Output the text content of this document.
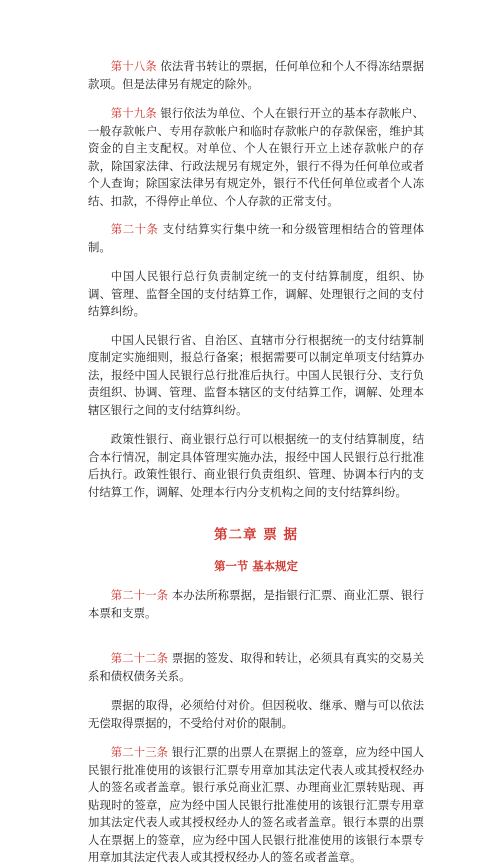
第十八条 依法背书转让的票据，任何单位和个人不得冻结票据款项。但是法律另有规定的除外。

第十九条 银行依法为单位、个人在银行开立的基本存款帐户、一般存款帐户、专用存款帐户和临时存款帐户的存款保密，维护其资金的自主支配权。对单位、个人在银行开立上述存款帐户的存款，除国家法律、行政法规另有规定外，银行不得为任何单位或者个人查询；除国家法律另有规定外，银行不代任何单位或者个人冻结、扣款，不得停止单位、个人存款的正常支付。

第二十条 支付结算实行集中统一和分级管理相结合的管理体制。

中国人民银行总行负责制定统一的支付结算制度，组织、协调、管理、监督全国的支付结算工作，调解、处理银行之间的支付结算纠纷。

中国人民银行省、自治区、直辖市分行根据统一的支付结算制度制定实施细则，报总行备案；根据需要可以制定单项支付结算办法，报经中国人民银行总行批准后执行。中国人民银行分、支行负责组织、协调、管理、监督本辖区的支付结算工作，调解、处理本辖区银行之间的支付结算纠纷。

政策性银行、商业银行总行可以根据统一的支付结算制度，结合本行情况，制定具体管理实施办法，报经中国人民银行总行批准后执行。政策性银行、商业银行负责组织、管理、协调本行内的支付结算工作，调解、处理本行内分支机构之间的支付结算纠纷。

第二章 票 据

第一节 基本规定

第二十一条 本办法所称票据，是指银行汇票、商业汇票、银行本票和支票。

第二十二条 票据的签发、取得和转让，必须具有真实的交易关系和债权债务关系。

票据的取得，必须给付对价。但因税收、继承、赠与可以依法无偿取得票据的，不受给付对价的限制。

第二十三条 银行汇票的出票人在票据上的签章，应为经中国人民银行批准使用的该银行汇票专用章加其法定代表人或其授权经办人的签名或者盖章。银行承兑商业汇票、办理商业汇票转贴现、再贴现时的签章，应为经中国人民银行批准使用的该银行汇票专用章加其法定代表人或其授权经办人的签名或者盖章。银行本票的出票人在票据上的签章，应为经中国人民银行批准使用的该银行本票专用章加其法定代表人或其授权经办人的签名或者盖章。
